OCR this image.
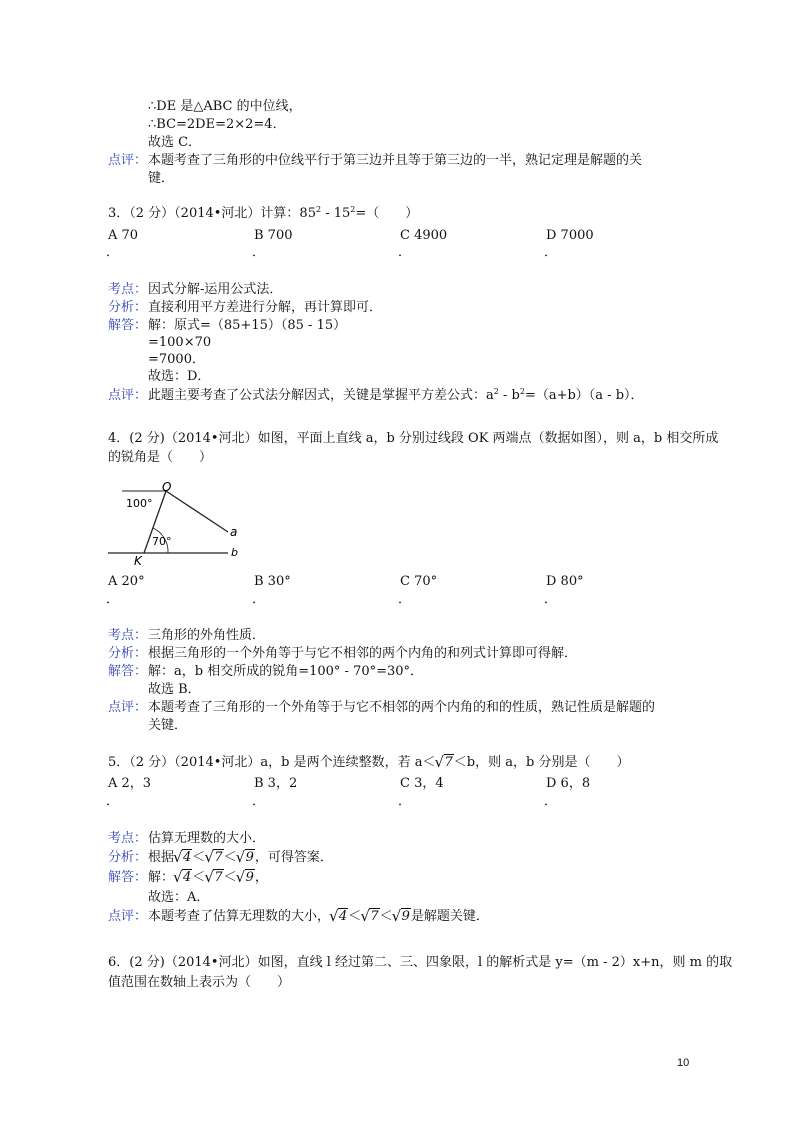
∴DE 是△ABC 的中位线，
∴BC=2DE=2×2=4．
故选 C．
点评： 本题考查了三角形的中位线平行于第三边并且等于第三边的一半，熟记定理是解题的关
键．
3．（2 分）（2014•河北）计算：$85^2 - 15^2=$（　　）
A 70	B 700	C 4900	D 7000
．	．	．	．
考点： 因式分解-运用公式法．
分析： 直接利用平方差进行分解，再计算即可．
解答： 解：原式=（85+15）（85 - 15）
=100×70
=7000．
故选：D．
点评： 此题主要考查了公式法分解因式，关键是掌握平方差公式：$a^2 - b^2=(a+b)(a - b)$．
4．(2 分)（2014•河北）如图，平面上直线 a，b 分别过线段 OK 两端点（数据如图），则 a，b 相交所成
的锐角是（　　）
O
K
a
b
100°
70°
A 20°	B 30°	C 70°	D 80°
．	．	．	．
考点： 三角形的外角性质．
分析： 根据三角形的一个外角等于与它不相邻的两个内角的和列式计算即可得解．
解答： 解：a，b 相交所成的锐角=100° - 70°=30°．
故选 B．
点评： 本题考查了三角形的一个外角等于与它不相邻的两个内角的和的性质，熟记性质是解题的
关键．
5．（2 分）（2014•河北）a，b 是两个连续整数，若 a＜ √ 7＜b，则 a，b 分别是（　　）
A 2，3	B 3，2	C 3，4	D 6，8
．	．	．	．
考点： 估算无理数的大小．
分析： 根据 √ 4＜ √ 7＜ √ 9，可得答案．
解答： 解： √ 4＜ √ 7＜ √ 9，
故选：A．
点评： 本题考查了估算无理数的大小， √ 4＜ √ 7＜ √ 9是解题关键．
6．(2 分)（2014•河北）如图，直线 l 经过第二、三、四象限，l 的解析式是 y=（m - 2）x+n，则 m 的取
值范围在数轴上表示为（　　）
10
